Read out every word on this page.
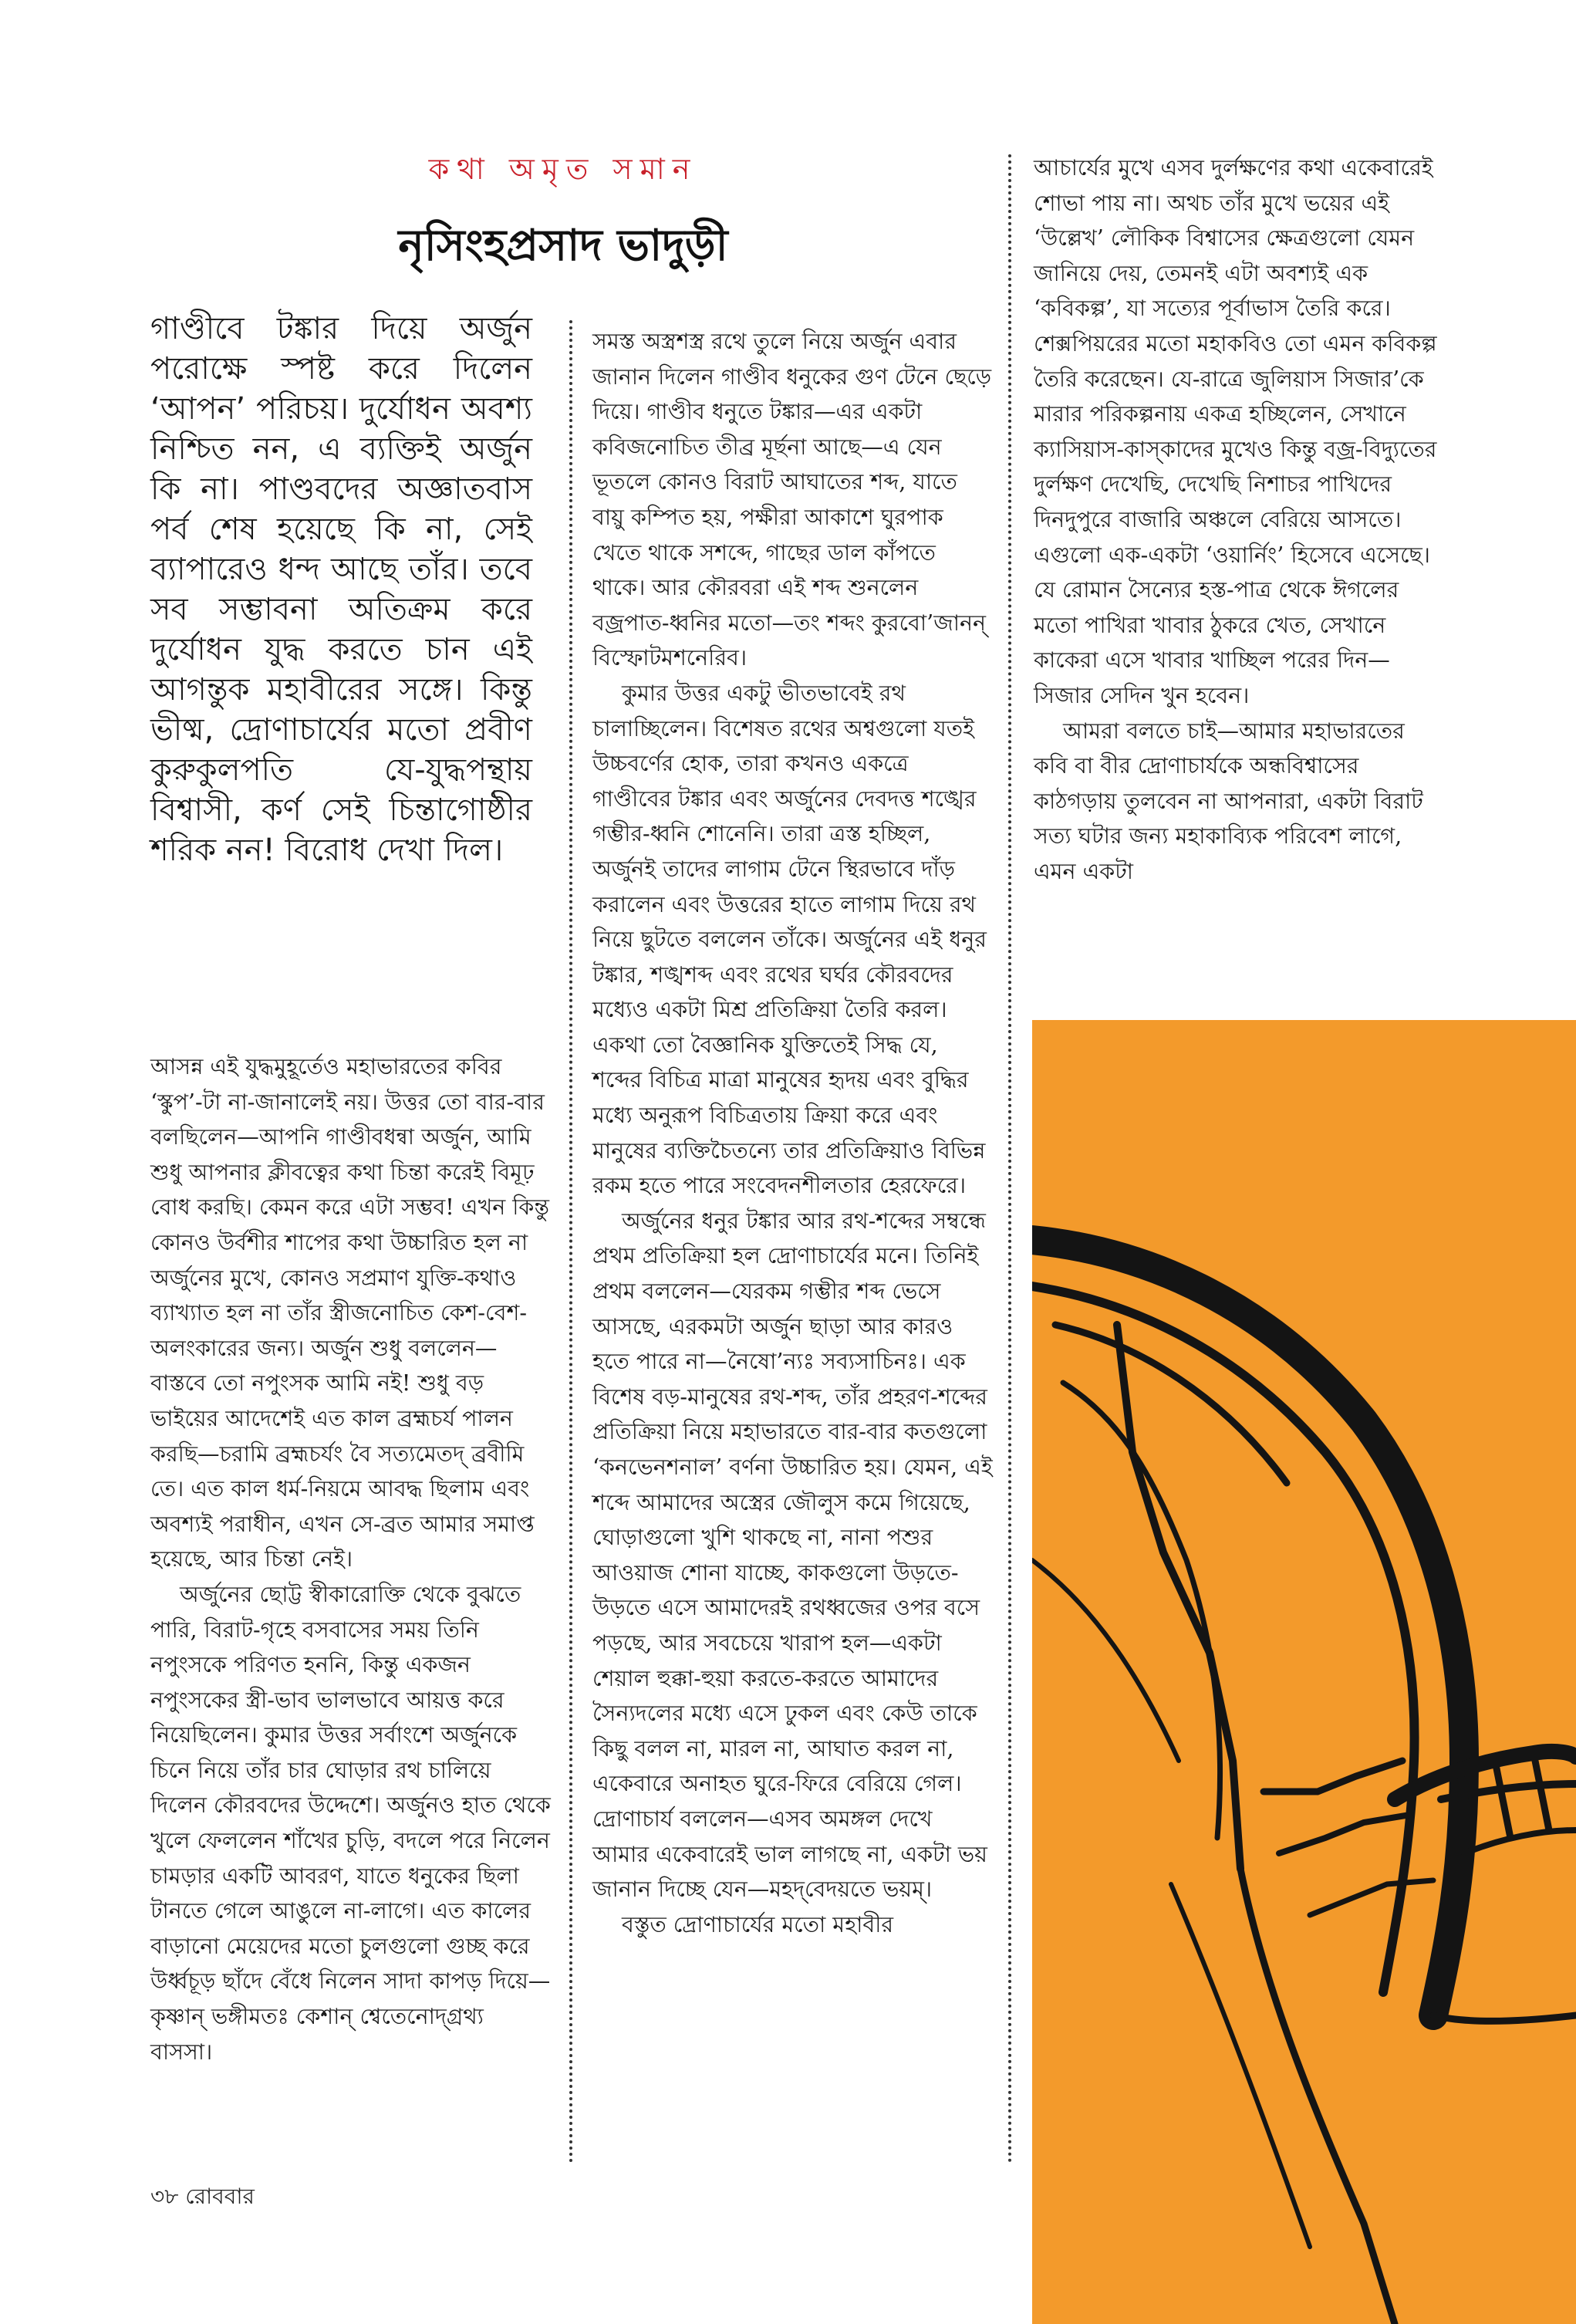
কথা অমৃত সমান
নৃসিংহপ্রসাদ ভাদুড়ী

গাণ্ডীবে টঙ্কার দিয়ে অর্জুন পরোক্ষে স্পষ্ট করে দিলেন ‘আপন’ পরিচয়। দুর্যোধন অবশ্য নিশ্চিত নন, এ ব্যক্তিই অর্জুন কি না। পাণ্ডবদের অজ্ঞাতবাস পর্ব শেষ হয়েছে কি না, সেই ব্যাপারেও ধন্দ আছে তাঁর। তবে সব সম্ভাবনা অতিক্রম করে দুর্যোধন যুদ্ধ করতে চান এই আগন্তুক মহাবীরের সঙ্গে। কিন্তু ভীষ্ম, দ্রোণাচার্যের মতো প্রবীণ কুরুকুলপতি যে-যুদ্ধপন্থায় বিশ্বাসী, কর্ণ সেই চিন্তাগোষ্ঠীর শরিক নন! বিরোধ দেখা দিল।

আসন্ন এই যুদ্ধমুহূর্তেও মহাভারতের কবির ‘স্কুপ’-টা না-জানালেই নয়। উত্তর তো বার-বার বলছিলেন—আপনি গাণ্ডীবধন্বা অর্জুন, আমি শুধু আপনার ক্লীবত্বের কথা চিন্তা করেই বিমূঢ় বোধ করছি। কেমন করে এটা সম্ভব! এখন কিন্তু কোনও উর্বশীর শাপের কথা উচ্চারিত হল না অর্জুনের মুখে, কোনও সপ্রমাণ যুক্তি-কথাও ব্যাখ্যাত হল না তাঁর স্ত্রীজনোচিত কেশ-বেশ-অলংকারের জন্য। অর্জুন শুধু বললেন—বাস্তবে তো নপুংসক আমি নই! শুধু বড় ভাইয়ের আদেশেই এত কাল ব্রহ্মচর্য পালন করছি—চরামি ব্রহ্মচর্যং বৈ সত্যমেতদ্ ব্রবীমি তে। এত কাল ধর্ম-নিয়মে আবদ্ধ ছিলাম এবং অবশ্যই পরাধীন, এখন সে-ব্রত আমার সমাপ্ত হয়েছে, আর চিন্তা নেই।

অর্জুনের ছোট্ট স্বীকারোক্তি থেকে বুঝতে পারি, বিরাট-গৃহে বসবাসের সময় তিনি নপুংসকে পরিণত হননি, কিন্তু একজন নপুংসকের স্ত্রী-ভাব ভালভাবে আয়ত্ত করে নিয়েছিলেন। কুমার উত্তর সর্বাংশে অর্জুনকে চিনে নিয়ে তাঁর চার ঘোড়ার রথ চালিয়ে দিলেন কৌরবদের উদ্দেশে। অর্জুনও হাত থেকে খুলে ফেললেন শাঁখের চুড়ি, বদলে পরে নিলেন চামড়ার একটি আবরণ, যাতে ধনুকের ছিলা টানতে গেলে আঙুলে না-লাগে। এত কালের বাড়ানো মেয়েদের মতো চুলগুলো গুচ্ছ করে উর্ধ্বচূড় ছাঁদে বেঁধে নিলেন সাদা কাপড় দিয়ে—কৃষ্ণান্ ভঙ্গীমতঃ কেশান্ শ্বেতেনোদ্‌গ্রথ্য বাসসা।

সমস্ত অস্ত্রশস্ত্র রথে তুলে নিয়ে অর্জুন এবার জানান দিলেন গাণ্ডীব ধনুকের গুণ টেনে ছেড়ে দিয়ে। গাণ্ডীব ধনুতে টঙ্কার—এর একটা কবিজনোচিত তীব্র মূর্ছনা আছে—এ যেন ভূতলে কোনও বিরাট আঘাতের শব্দ, যাতে বায়ু কম্পিত হয়, পক্ষীরা আকাশে ঘুরপাক খেতে থাকে সশব্দে, গাছের ডাল কাঁপতে থাকে। আর কৌরবরা এই শব্দ শুনলেন বজ্রপাত-ধ্বনির মতো—তং শব্দং কুরবো’জানন্ বিস্ফোটমশনেরিব।

কুমার উত্তর একটু ভীতভাবেই রথ চালাচ্ছিলেন। বিশেষত রথের অশ্বগুলো যতই উচ্চবর্ণের হোক, তারা কখনও একত্রে গাণ্ডীবের টঙ্কার এবং অর্জুনের দেবদত্ত শঙ্খের গম্ভীর-ধ্বনি শোনেনি। তারা ত্রস্ত হচ্ছিল, অর্জুনই তাদের লাগাম টেনে স্থিরভাবে দাঁড় করালেন এবং উত্তরের হাতে লাগাম দিয়ে রথ নিয়ে ছুটতে বললেন তাঁকে। অর্জুনের এই ধনুর টঙ্কার, শঙ্খশব্দ এবং রথের ঘর্ঘর কৌরবদের মধ্যেও একটা মিশ্র প্রতিক্রিয়া তৈরি করল। একথা তো বৈজ্ঞানিক যুক্তিতেই সিদ্ধ যে, শব্দের বিচিত্র মাত্রা মানুষের হৃদয় এবং বুদ্ধির মধ্যে অনুরূপ বিচিত্রতায় ক্রিয়া করে এবং মানুষের ব্যক্তিচৈতন্যে তার প্রতিক্রিয়াও বিভিন্ন রকম হতে পারে সংবেদনশীলতার হেরফেরে।

অর্জুনের ধনুর টঙ্কার আর রথ-শব্দের সম্বন্ধে প্রথম প্রতিক্রিয়া হল দ্রোণাচার্যের মনে। তিনিই প্রথম বললেন—যেরকম গম্ভীর শব্দ ভেসে আসছে, এরকমটা অর্জুন ছাড়া আর কারও হতে পারে না—নৈষো’ন্যঃ সব্যসাচিনঃ। এক বিশেষ বড়-মানুষের রথ-শব্দ, তাঁর প্রহরণ-শব্দের প্রতিক্রিয়া নিয়ে মহাভারতে বার-বার কতগুলো ‘কনভেনশনাল’ বর্ণনা উচ্চারিত হয়। যেমন, এই শব্দে আমাদের অস্ত্রের জৌলুস কমে গিয়েছে, ঘোড়াগুলো খুশি থাকছে না, নানা পশুর আওয়াজ শোনা যাচ্ছে, কাকগুলো উড়তে-উড়তে এসে আমাদেরই রথধ্বজের ওপর বসে পড়ছে, আর সবচেয়ে খারাপ হল—একটা শেয়াল হুক্কা-হুয়া করতে-করতে আমাদের সৈন্যদলের মধ্যে এসে ঢুকল এবং কেউ তাকে কিছু বলল না, মারল না, আঘাত করল না, একেবারে অনাহত ঘুরে-ফিরে বেরিয়ে গেল। দ্রোণাচার্য বললেন—এসব অমঙ্গল দেখে আমার একেবারেই ভাল লাগছে না, একটা ভয় জানান দিচ্ছে যেন—মহদ্‌বেদয়তে ভয়ম্।

বস্তুত দ্রোণাচার্যের মতো মহাবীর

আচার্যের মুখে এসব দুর্লক্ষণের কথা একেবারেই শোভা পায় না। অথচ তাঁর মুখে ভয়ের এই ‘উল্লেখ’ লৌকিক বিশ্বাসের ক্ষেত্রগুলো যেমন জানিয়ে দেয়, তেমনই এটা অবশ্যই এক ‘কবিকল্প’, যা সত্যের পূর্বাভাস তৈরি করে। শেক্সপিয়রের মতো মহাকবিও তো এমন কবিকল্প তৈরি করেছেন। যে-রাত্রে জুলিয়াস সিজার’কে মারার পরিকল্পনায় একত্র হচ্ছিলেন, সেখানে ক্যাসিয়াস-কাস্‌কাদের মুখেও কিন্তু বজ্র-বিদ্যুতের দুর্লক্ষণ দেখেছি, দেখেছি নিশাচর পাখিদের দিনদুপুরে বাজারি অঞ্চলে বেরিয়ে আসতে। এগুলো এক-একটা ‘ওয়ার্নিং’ হিসেবে এসেছে। যে রোমান সৈন্যের হস্ত-পাত্র থেকে ঈগলের মতো পাখিরা খাবার ঠুকরে খেত, সেখানে কাকেরা এসে খাবার খাচ্ছিল পরের দিন—সিজার সেদিন খুন হবেন।

আমরা বলতে চাই—আমার মহাভারতের কবি বা বীর দ্রোণাচার্যকে অন্ধবিশ্বাসের কাঠগড়ায় তুলবেন না আপনারা, একটা বিরাট সত্য ঘটার জন্য মহাকাব্যিক পরিবেশ লাগে, এমন একটা

৩৮ রোববার
